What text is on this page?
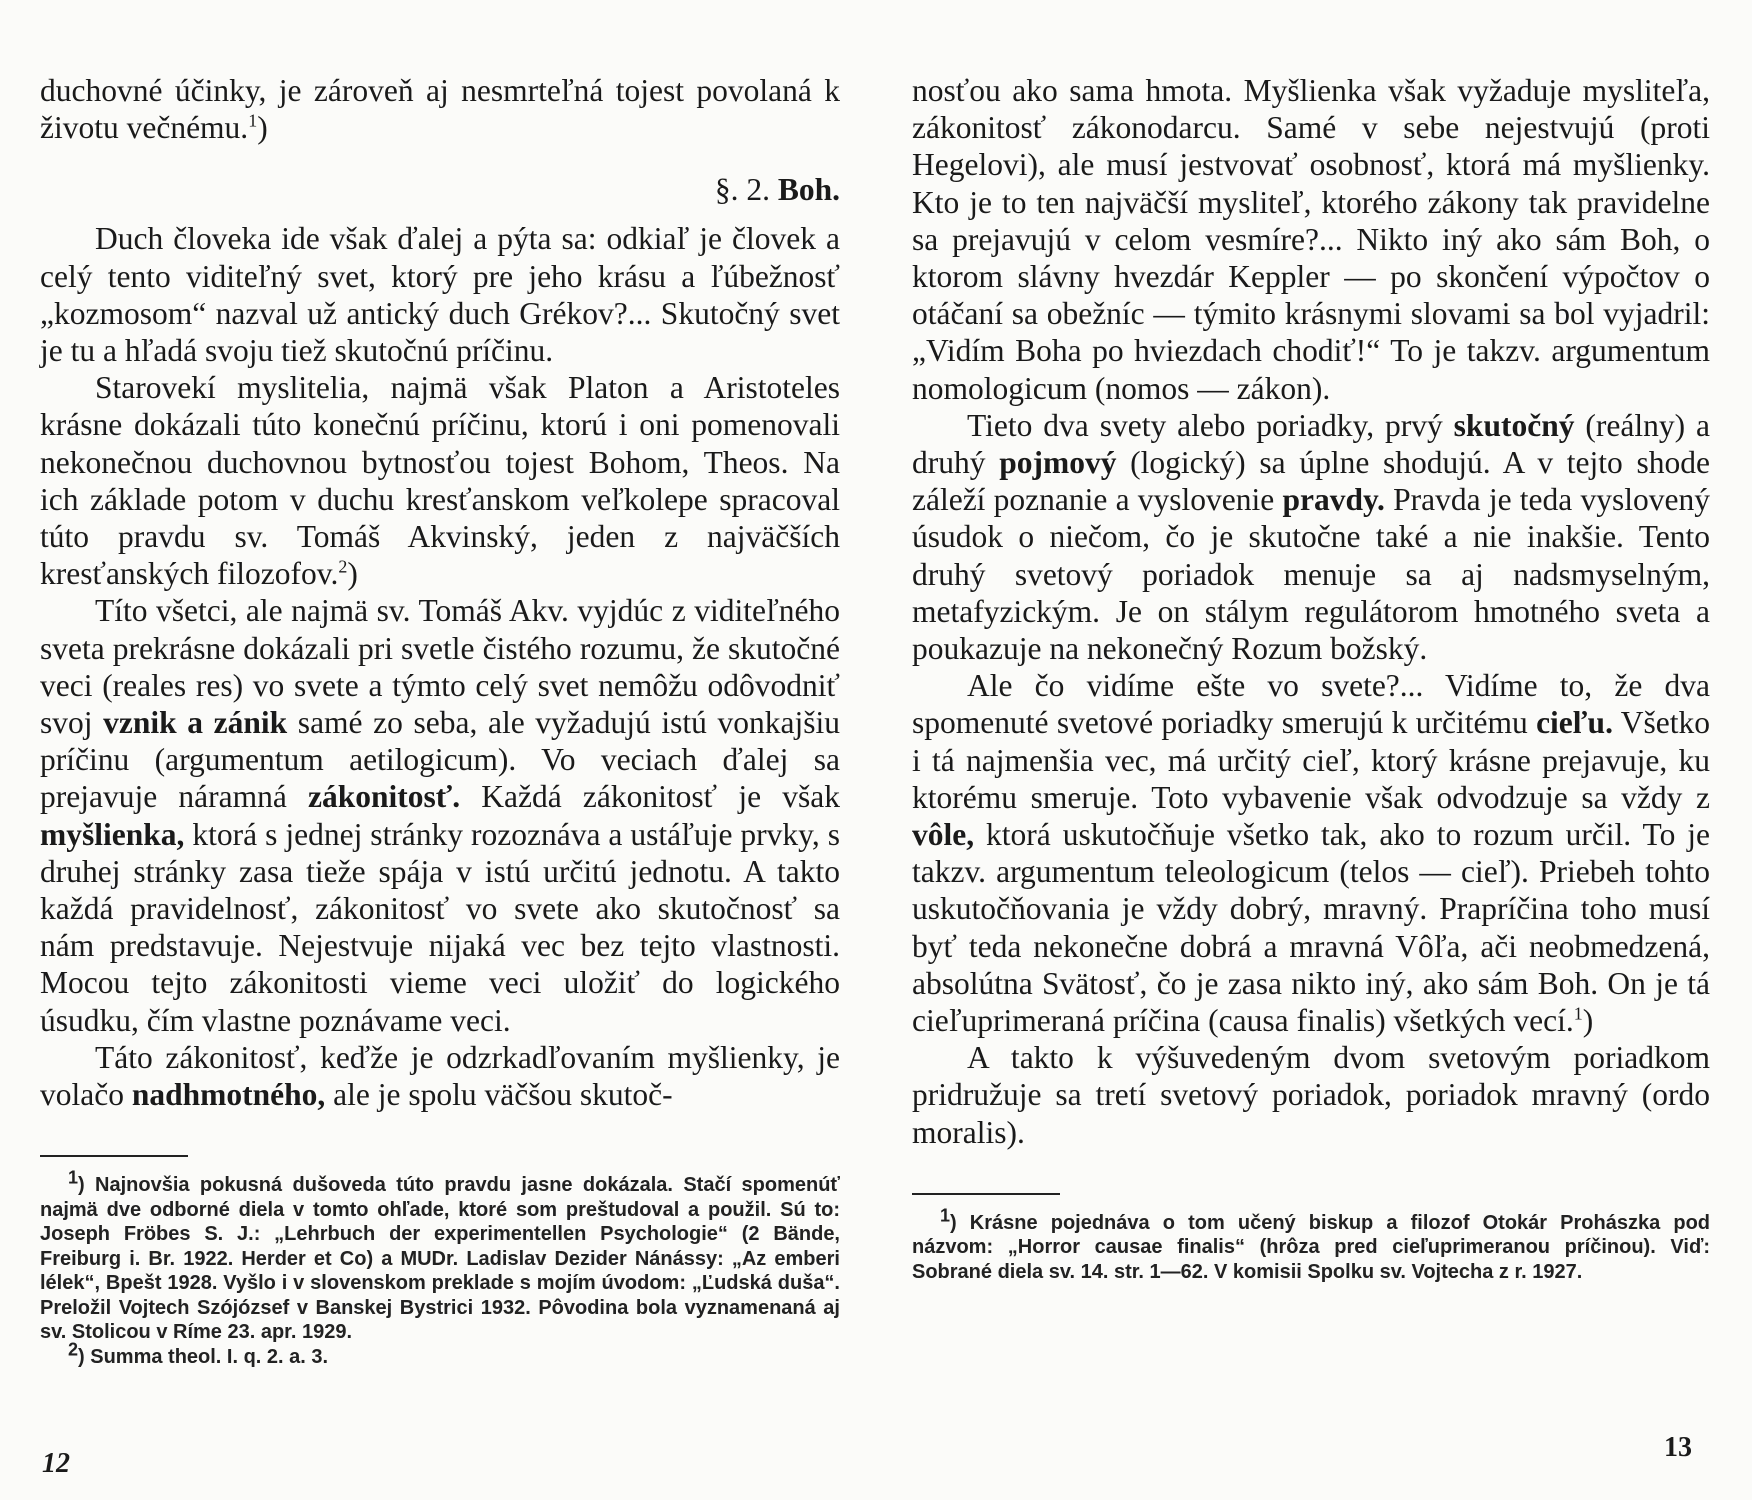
duchovné účinky, je zároveň aj nesmrteľná tojest povolaná k životu večnému.$^1$)

§. 2. Boh.

Duch človeka ide však ďalej a pýta sa: odkiaľ je človek a celý tento viditeľný svet, ktorý pre jeho krásu a ľúbežnosť „kozmosom“ nazval už antický duch Grékov?... Skutočný svet je tu a hľadá svoju tiež skutočnú príčinu.

Starovekí myslitelia, najmä však Platon a Aristoteles krásne dokázali túto konečnú príčinu, ktorú i oni pomenovali nekonečnou duchovnou bytnosťou tojest Bohom, Theos. Na ich základe potom v duchu kresťanskom veľkolepe spracoval túto pravdu sv. Tomáš Akvinský, jeden z najväčších kresťanských filozofov.$^2$)

Títo všetci, ale najmä sv. Tomáš Akv. vyjdúc z viditeľného sveta prekrásne dokázali pri svetle čistého rozumu, že skutočné veci (reales res) vo svete a týmto celý svet nemôžu odôvodniť svoj vznik a zánik samé zo seba, ale vyžadujú istú vonkajšiu príčinu (argumentum aetilogicum). Vo veciach ďalej sa prejavuje náramná zákonitosť. Každá zákonitosť je však myšlienka, ktorá s jednej stránky rozoznáva a ustáľuje prvky, s druhej stránky zasa tiežе spája v istú určitú jednotu. A takto každá pravidelnosť, zákonitosť vo svete ako skutočnosť sa nám predstavuje. Nejestvuje nijaká vec bez tejto vlastnosti. Mocou tejto zákonitosti vieme veci uložiť do logického úsudku, čím vlastne poznávame veci.

Táto zákonitosť, keďže je odzrkadľovaním myšlienky, je volačo nadhmotného, ale je spolu väčšou skutoč-

$^1$) Najnovšia pokusná dušoveda túto pravdu jasne dokázala. Stačí spomenúť najmä dve odborné diela v tomto ohľade, ktoré som preštudoval a použil. Sú to: Joseph Fröbes S. J.: „Lehrbuch der experimentellen Psychologie“ (2 Bände, Freiburg i. Br. 1922. Herder et Co) a MUDr. Ladislav Dezider Nánássy: „Az emberi lélek“, Bpešt 1928. Vyšlo i v slovenskom preklade s mojím úvodom: „Ľudská duša“. Preložil Vojtech Szójózsef v Banskej Bystrici 1932. Pôvodina bola vyznamenaná aj sv. Stolicou v Ríme 23. apr. 1929.

$^2$) Summa theol. I. q. 2. a. 3.

12

nosťou ako sama hmota. Myšlienka však vyžaduje mysliteľa, zákonitosť zákonodarcu. Samé v sebe nejestvujú (proti Hegelovi), ale musí jestvovať osobnosť, ktorá má myšlienky. Kto je to ten najväčší mysliteľ, ktorého zákony tak pravidelne sa prejavujú v celom vesmíre?... Nikto iný ako sám Boh, o ktorom slávny hvezdár Keppler — po skončení výpočtov o otáčaní sa obežníc — týmito krásnymi slovami sa bol vyjadril: „Vidím Boha po hviezdach chodiť!“ To je takzv. argumentum nomologicum (nomos — zákon).

Tieto dva svety alebo poriadky, prvý skutočný (reálny) a druhý pojmový (logický) sa úplne shodujú. A v tejto shode záleží poznanie a vyslovenie pravdy. Pravda je teda vyslovený úsudok o niečom, čo je skutočne také a nie inakšie. Tento druhý svetový poriadok menuje sa aj nadsmyselným, metafyzickým. Je on stálym regulátorom hmotného sveta a poukazuje na nekonečný Rozum božský.

Ale čo vidíme ešte vo svete?... Vidíme to, že dva spomenuté svetové poriadky smerujú k určitému cieľu. Všetko i tá najmenšia vec, má určitý cieľ, ktorý krásne prejavuje, ku ktorému smeruje. Toto vybavenie však odvodzuje sa vždy z vôle, ktorá uskutočňuje všetko tak, ako to rozum určil. To je takzv. argumentum teleologicum (telos — cieľ). Priebeh tohto uskutočňovania je vždy dobrý, mravný. Prapríčina toho musí byť teda nekonečne dobrá a mravná Vôľa, ači neobmedzená, absolútna Svätosť, čo je zasa nikto iný, ako sám Boh. On je tá cieľuprimeraná príčina (causa finalis) všetkých vecí.$^1$)

A takto k výšuvedeným dvom svetovým poriadkom pridružuje sa tretí svetový poriadok, poriadok mravný (ordo moralis).

$^1$) Krásne pojednáva o tom učený biskup a filozof Otokár Prohászka pod názvom: „Horror causae finalis“ (hrôza pred cieľuprimeranou príčinou). Viď: Sobrané diela sv. 14. str. 1—62. V komisii Spolku sv. Vojtecha z r. 1927.

13
